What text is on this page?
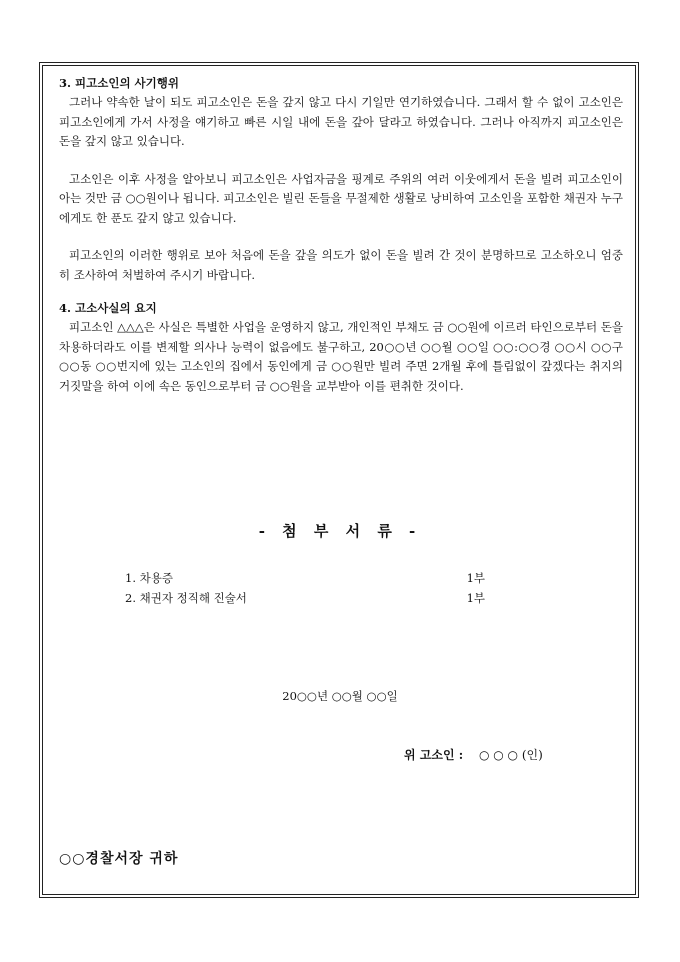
3. 피고소인의 사기행위

그러나 약속한 날이 되도 피고소인은 돈을 갚지 않고 다시 기일만 연기하였습니다. 그래서 할 수 없이 고소인은 피고소인에게 가서 사정을 얘기하고 빠른 시일 내에 돈을 갚아 달라고 하였습니다. 그러나 아직까지 피고소인은 돈을 갚지 않고 있습니다.

고소인은 이후 사정을 알아보니 피고소인은 사업자금을 핑계로 주위의 여러 이웃에게서 돈을 빌려 피고소인이 아는 것만 금 ○○원이나 됩니다. 피고소인은 빌린 돈들을 무절제한 생활로 낭비하여 고소인을 포함한 채권자 누구에게도 한 푼도 갚지 않고 있습니다.

피고소인의 이러한 행위로 보아 처음에 돈을 갚을 의도가 없이 돈을 빌려 간 것이 분명하므로 고소하오니 엄중히 조사하여 처벌하여 주시기 바랍니다.

4. 고소사실의 요지

피고소인 △△△은 사실은 특별한 사업을 운영하지 않고, 개인적인 부채도 금 ○○원에 이르러 타인으로부터 돈을 차용하더라도 이를 변제할 의사나 능력이 없음에도 불구하고, 20○○년 ○○월 ○○일 ○○:○○경 ○○시 ○○구 ○○동 ○○번지에 있는 고소인의 집에서 동인에게 금 ○○원만 빌려 주면 2개월 후에 틀림없이 갚겠다는 취지의 거짓말을 하여 이에 속은 동인으로부터 금 ○○원을 교부받아 이를 편취한 것이다.

- 첨 부 서 류 -
1. 차용증	1부
2. 채권자 정직해 진술서	1부
20○○년 ○○월 ○○일
위 고소인 : ○ ○ ○ (인)
○○경찰서장 귀하
